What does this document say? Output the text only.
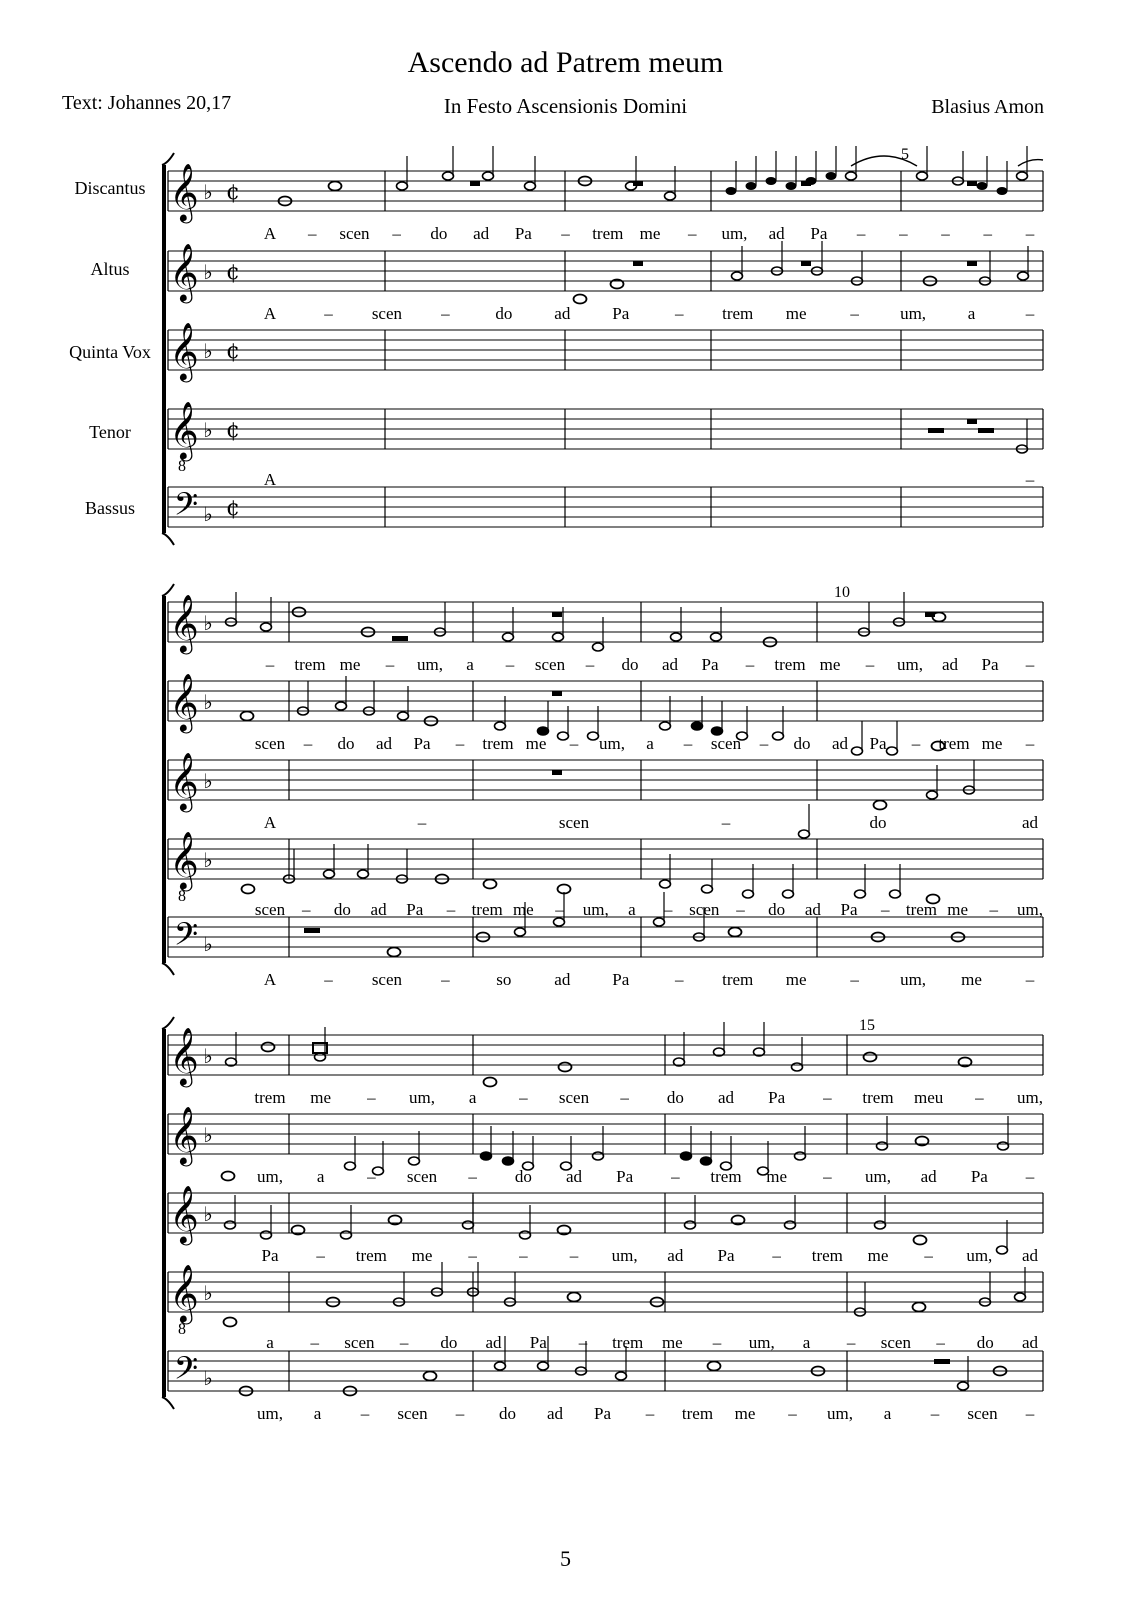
Ascendo ad Patrem meum
Text: Johannes 20,17	In Festo Ascensionis Domini	Blasius Amon
𝄞 ♭ ¢
𝄞 ♭ ¢
𝄞 ♭ ¢
𝄞
8
♭ ¢
𝄢 ♭ ¢
Discantus
Altus
Quinta Vox
Tenor
Bassus
A – scen – do ad Pa – trem me – um, ad Pa – – – – –
A	– scen –	do ad Pa	– trem me	– um, a	–
A	–
𝄞 ♭
𝄞 ♭
𝄞 ♭
𝄞
8
♭
𝄢 ♭
– trem me – um, a – scen – do ad Pa – trem me – um, ad Pa –
scen – do ad Pa – trem me – um, a – scen – do ad Pa – trem me –
A	–	scen	–	do	ad
scen – do ad Pa – trem me – um, a – scen – do ad Pa – trem me – um,
A	– scen –	so	ad Pa	– trem me	– um, me	–
𝄞 ♭
𝄞 ♭
𝄞 ♭
𝄞
8
♭
𝄢 ♭
trem me – um, a	– scen – do ad Pa – trem meu – um,
um, a	– scen – do ad Pa – trem me – um, ad Pa –
Pa – trem me – – – um, ad Pa – trem me – um, ad
a – scen – do ad Pa – trem me – um, a – scen – do ad
um, a – scen – do ad Pa – trem me – um, a – scen –
5
10
15
5
